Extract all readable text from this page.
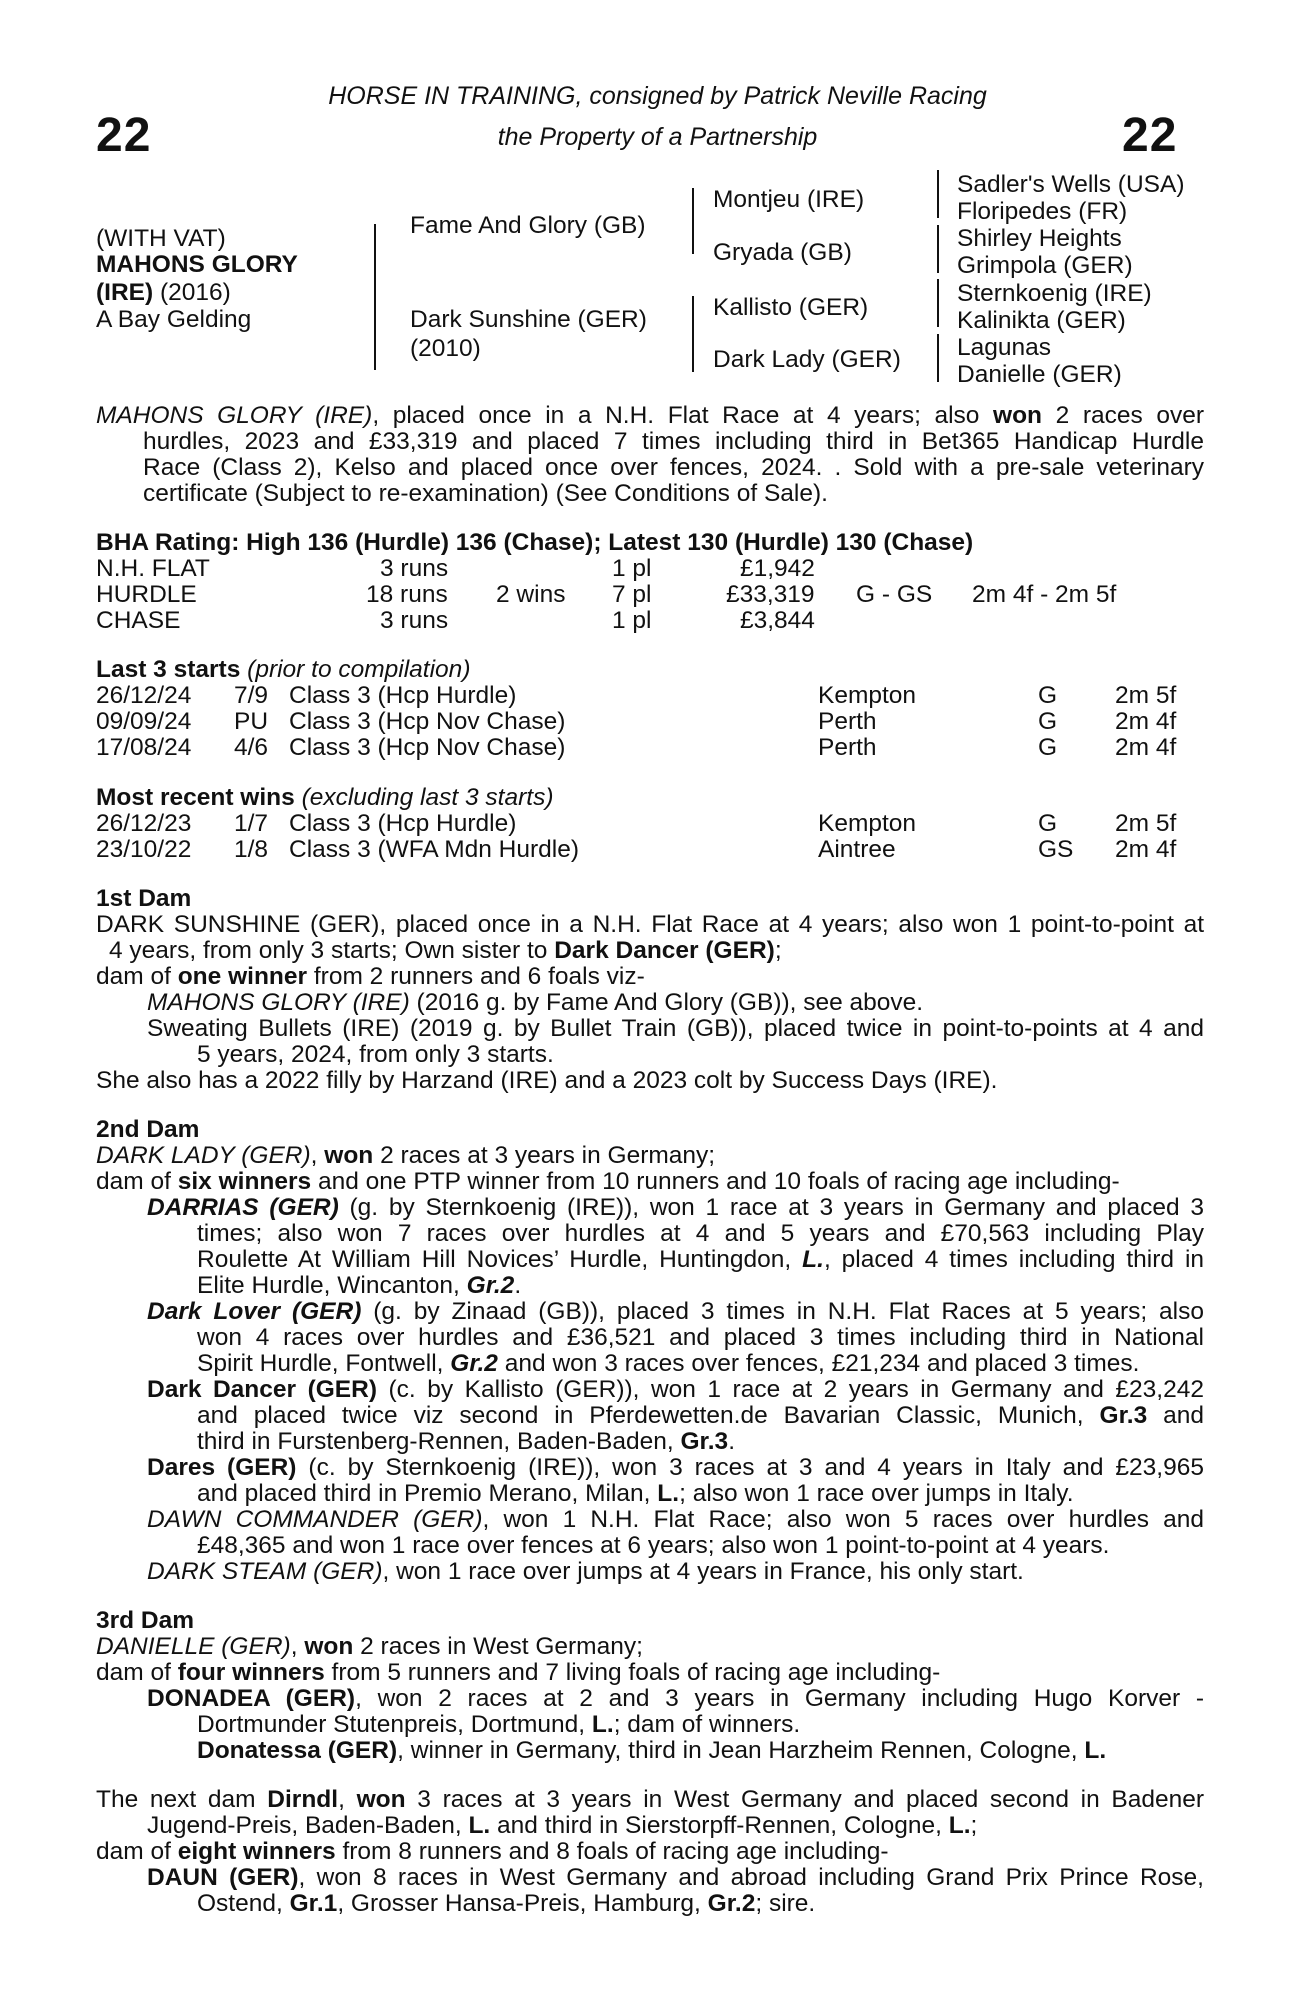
22	22
HORSE IN TRAINING, consigned by Patrick Neville Racing
the Property of a Partnership
(WITH VAT)
MAHONS GLORY
(IRE) (2016)
A Bay Gelding
Fame And Glory (GB)
Dark Sunshine (GER)
(2010)
Montjeu (IRE)
Gryada (GB)
Kallisto (GER)
Dark Lady (GER)
Sadler's Wells (USA)
Floripedes (FR)
Shirley Heights
Grimpola (GER)
Sternkoenig (IRE)
Kalinikta (GER)
Lagunas
Danielle (GER)
MAHONS GLORY (IRE), placed once in a N.H. Flat Race at 4 years; also won 2 races over
hurdles, 2023 and £33,319 and placed 7 times including third in Bet365 Handicap Hurdle
Race (Class 2), Kelso and placed once over fences, 2024. . Sold with a pre-sale veterinary
certificate (Subject to re-examination) (See Conditions of Sale).
BHA Rating: High 136 (Hurdle) 136 (Chase); Latest 130 (Hurdle) 130 (Chase)
N.H. FLAT	3 runs	1 pl	£1,942
HURDLE	18 runs 2 wins 7 pl	£33,319 G - GS 2m 4f - 2m 5f
CHASE	3 runs	1 pl	£3,844
Last 3 starts (prior to compilation)
26/12/24 7/9 Class 3 (Hcp Hurdle)	Kempton	G 2m 5f
09/09/24 PU Class 3 (Hcp Nov Chase)	Perth	G 2m 4f
17/08/24 4/6 Class 3 (Hcp Nov Chase)	Perth	G 2m 4f
Most recent wins (excluding last 3 starts)
26/12/23 1/7 Class 3 (Hcp Hurdle)	Kempton	G 2m 5f
23/10/22 1/8 Class 3 (WFA Mdn Hurdle)	Aintree	GS 2m 4f
1st Dam
DARK SUNSHINE (GER), placed once in a N.H. Flat Race at 4 years; also won 1 point-to-point at
4 years, from only 3 starts; Own sister to Dark Dancer (GER);
dam of one winner from 2 runners and 6 foals viz-
MAHONS GLORY (IRE) (2016 g. by Fame And Glory (GB)), see above.
Sweating Bullets (IRE) (2019 g. by Bullet Train (GB)), placed twice in point-to-points at 4 and
5 years, 2024, from only 3 starts.
She also has a 2022 filly by Harzand (IRE) and a 2023 colt by Success Days (IRE).
2nd Dam
DARK LADY (GER), won 2 races at 3 years in Germany;
dam of six winners and one PTP winner from 10 runners and 10 foals of racing age including-
DARRIAS (GER) (g. by Sternkoenig (IRE)), won 1 race at 3 years in Germany and placed 3
times; also won 7 races over hurdles at 4 and 5 years and £70,563 including Play
Roulette At William Hill Novices’ Hurdle, Huntingdon, L., placed 4 times including third in
Elite Hurdle, Wincanton, Gr.2.
Dark Lover (GER) (g. by Zinaad (GB)), placed 3 times in N.H. Flat Races at 5 years; also
won 4 races over hurdles and £36,521 and placed 3 times including third in National
Spirit Hurdle, Fontwell, Gr.2 and won 3 races over fences, £21,234 and placed 3 times.
Dark Dancer (GER) (c. by Kallisto (GER)), won 1 race at 2 years in Germany and £23,242
and placed twice viz second in Pferdewetten.de Bavarian Classic, Munich, Gr.3 and
third in Furstenberg-Rennen, Baden-Baden, Gr.3.
Dares (GER) (c. by Sternkoenig (IRE)), won 3 races at 3 and 4 years in Italy and £23,965
and placed third in Premio Merano, Milan, L.; also won 1 race over jumps in Italy.
DAWN COMMANDER (GER), won 1 N.H. Flat Race; also won 5 races over hurdles and
£48,365 and won 1 race over fences at 6 years; also won 1 point-to-point at 4 years.
DARK STEAM (GER), won 1 race over jumps at 4 years in France, his only start.
3rd Dam
DANIELLE (GER), won 2 races in West Germany;
dam of four winners from 5 runners and 7 living foals of racing age including-
DONADEA (GER), won 2 races at 2 and 3 years in Germany including Hugo Korver -
Dortmunder Stutenpreis, Dortmund, L.; dam of winners.
Donatessa (GER), winner in Germany, third in Jean Harzheim Rennen, Cologne, L.
The next dam Dirndl, won 3 races at 3 years in West Germany and placed second in Badener
Jugend-Preis, Baden-Baden, L. and third in Sierstorpff-Rennen, Cologne, L.;
dam of eight winners from 8 runners and 8 foals of racing age including-
DAUN (GER), won 8 races in West Germany and abroad including Grand Prix Prince Rose,
Ostend, Gr.1, Grosser Hansa-Preis, Hamburg, Gr.2; sire.
